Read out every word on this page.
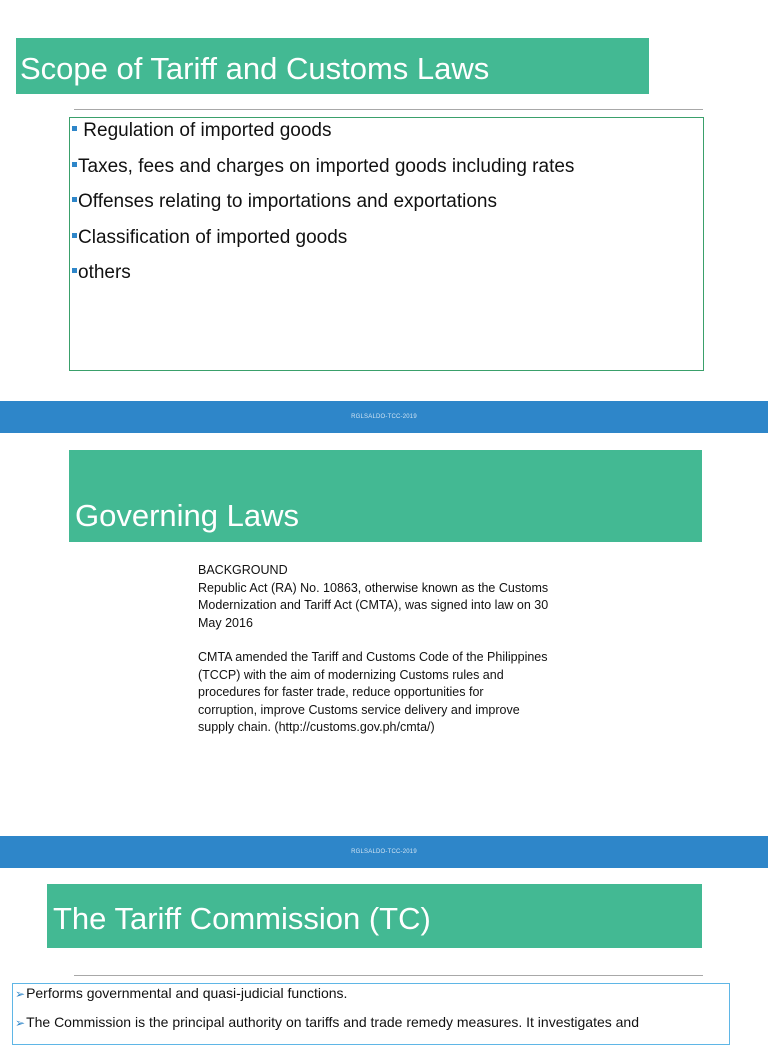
Scope of Tariff and Customs Laws
Regulation of imported goods
Taxes, fees and charges on imported goods including rates
Offenses relating to importations and exportations
Classification of imported goods
others
RGLSALDO-TCC-2019
Governing Laws
BACKGROUND
Republic Act (RA) No. 10863, otherwise known as the Customs
Modernization and Tariff Act (CMTA), was signed into law on 30
May 2016
CMTA amended the Tariff and Customs Code of the Philippines
(TCCP) with the aim of modernizing Customs rules and
procedures for faster trade, reduce opportunities for
corruption, improve Customs service delivery and improve
supply chain. (http://customs.gov.ph/cmta/)
RGLSALDO-TCC-2019
The Tariff Commission (TC)
➢Performs governmental and quasi-judicial functions.
➢The Commission is the principal authority on tariffs and trade remedy measures. It investigates and
